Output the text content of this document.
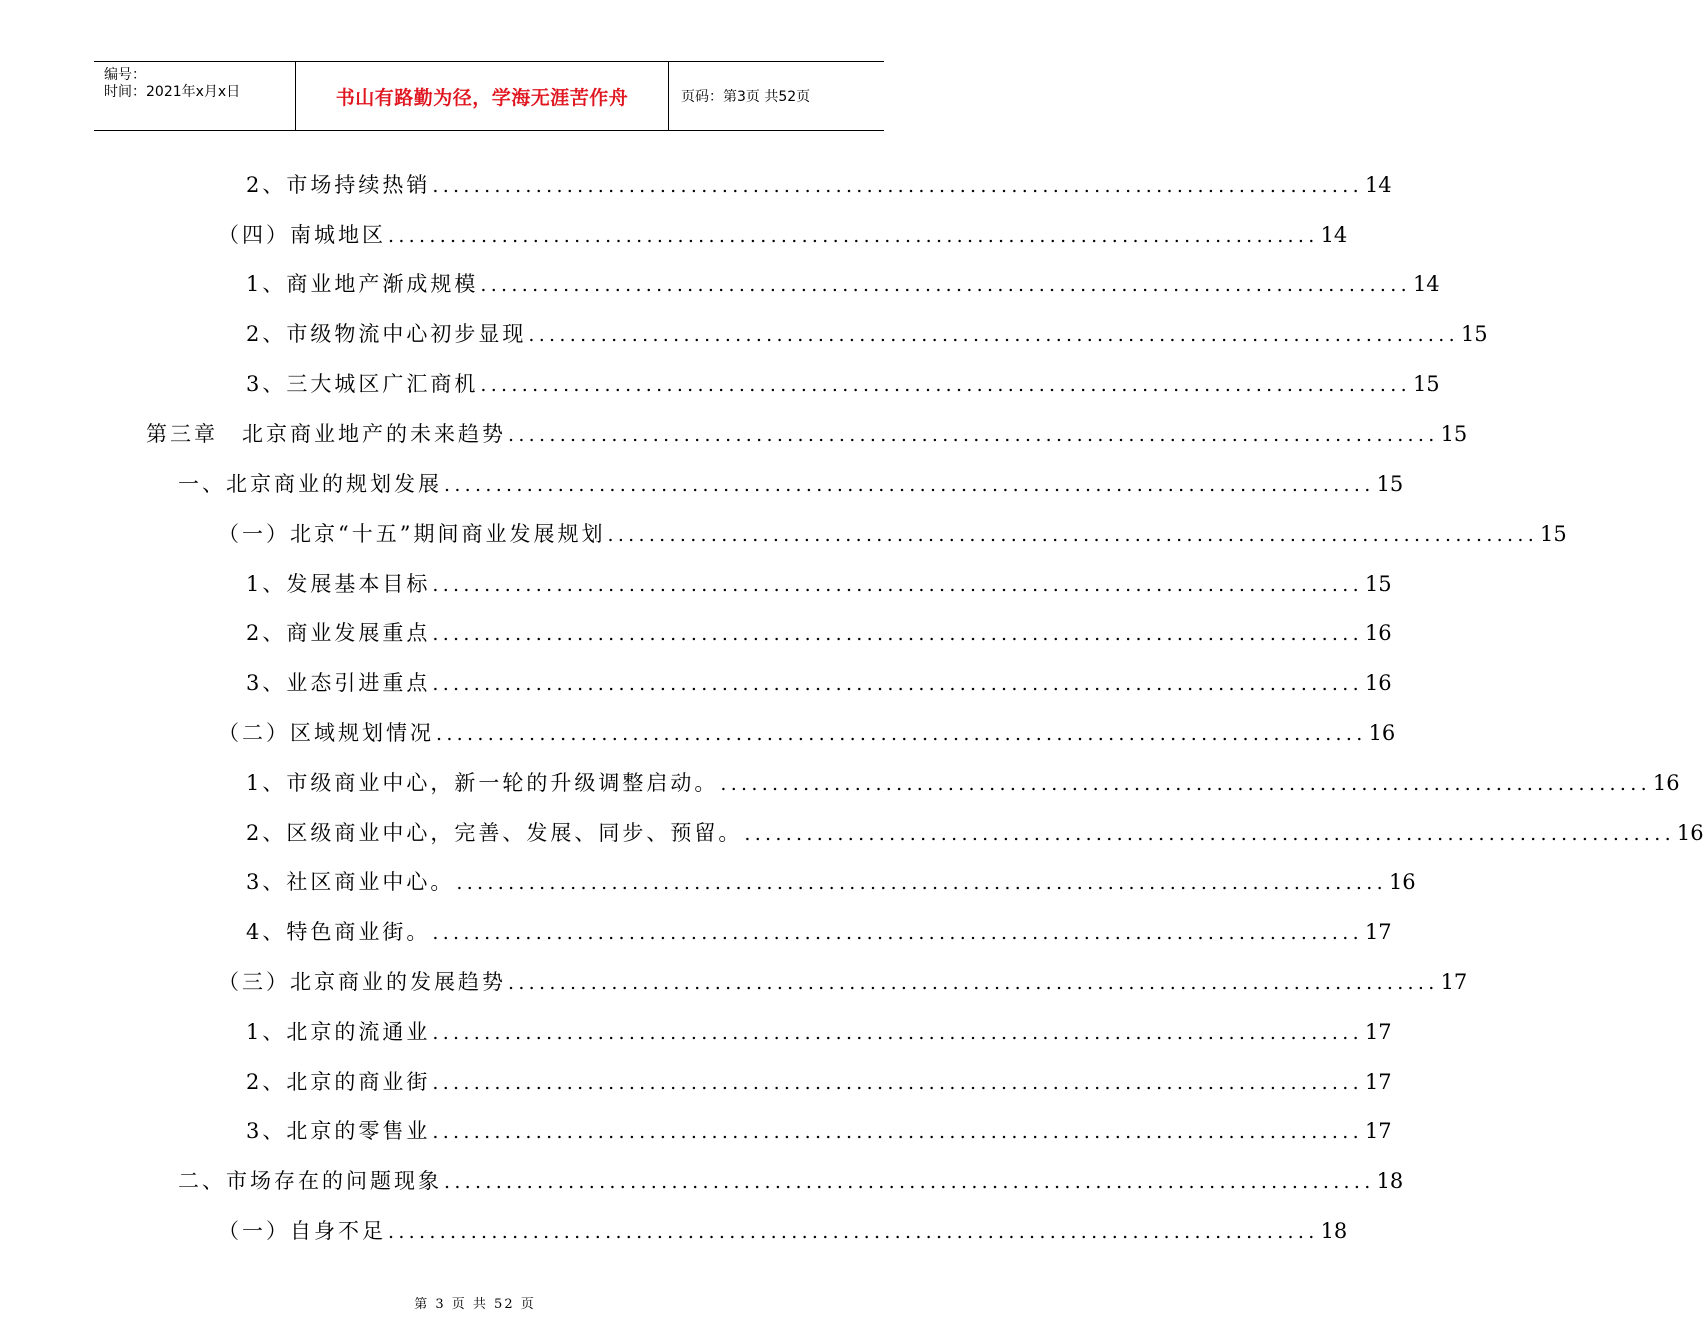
编号：
时间：2021年x月x日	书山有路勤为径，学海无涯苦作舟	页码：第3页 共52页
2、市场持续热销 .......................................................................................... 14
（四）南城地区 .......................................................................................... 14
1、商业地产渐成规模 .......................................................................................... 14
2、市级物流中心初步显现 .......................................................................................... 15
3、三大城区广汇商机 .......................................................................................... 15
第三章　北京商业地产的未来趋势 .......................................................................................... 15
一、北京商业的规划发展 .......................................................................................... 15
（一）北京“十五”期间商业发展规划 .......................................................................................... 15
1、发展基本目标 .......................................................................................... 15
2、商业发展重点 .......................................................................................... 16
3、业态引进重点 .......................................................................................... 16
（二）区域规划情况 .......................................................................................... 16
1、市级商业中心，新一轮的升级调整启动。 .......................................................................................... 16
2、区级商业中心，完善、发展、同步、预留。 .......................................................................................... 16
3、社区商业中心。 .......................................................................................... 16
4、特色商业街。 .......................................................................................... 17
（三）北京商业的发展趋势 .......................................................................................... 17
1、北京的流通业 .......................................................................................... 17
2、北京的商业街 .......................................................................................... 17
3、北京的零售业 .......................................................................................... 17
二、市场存在的问题现象 .......................................................................................... 18
（一）自身不足 .......................................................................................... 18
第 3 页 共 52 页
